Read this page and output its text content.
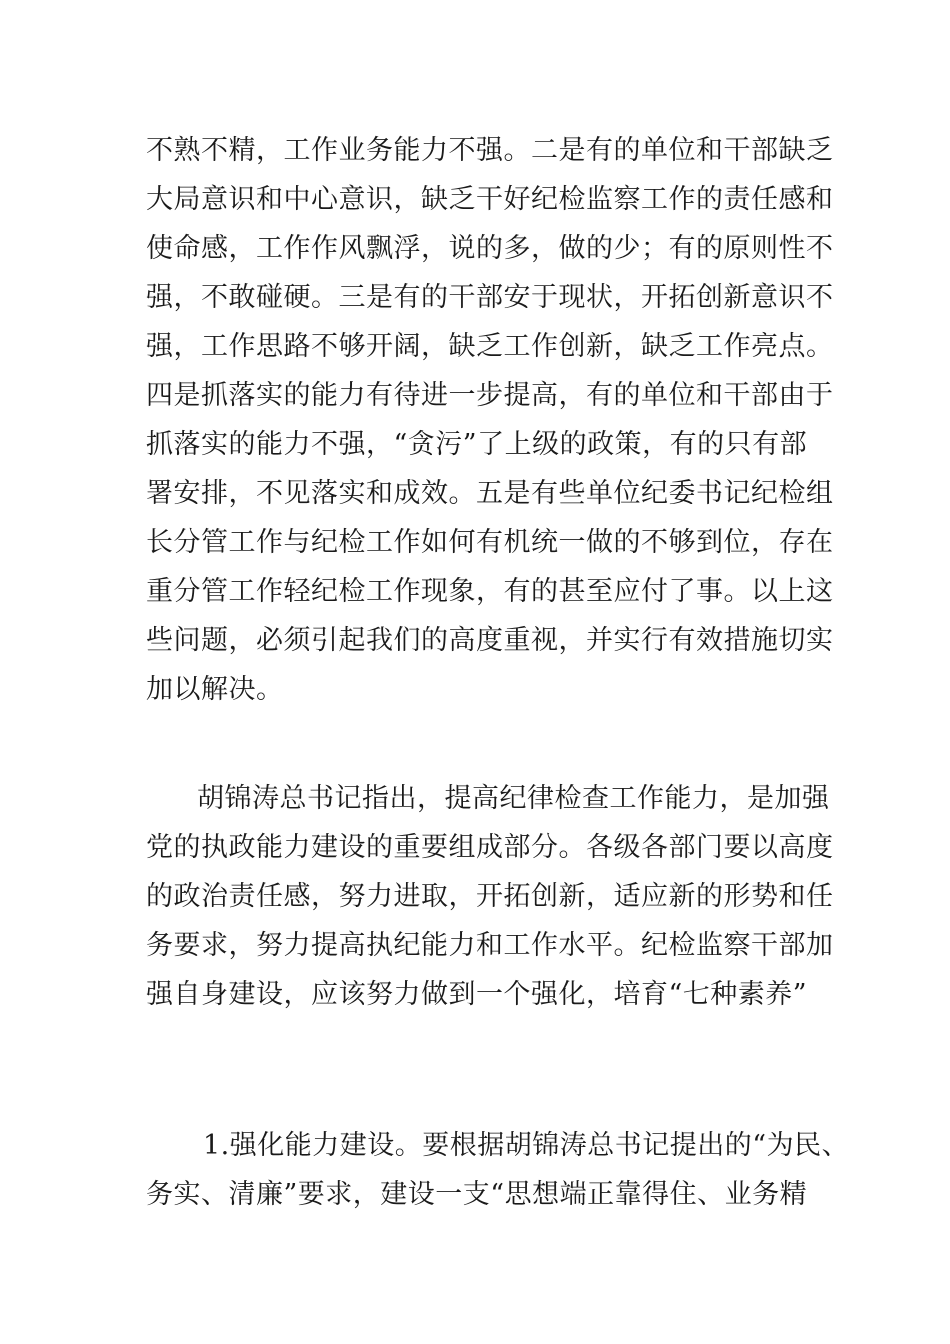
不熟不精，工作业务能力不强。二是有的单位和干部缺乏

大局意识和中心意识，缺乏干好纪检监察工作的责任感和

使命感，工作作风飘浮，说的多，做的少；有的原则性不

强，不敢碰硬。三是有的干部安于现状，开拓创新意识不

强，工作思路不够开阔，缺乏工作创新，缺乏工作亮点。

四是抓落实的能力有待进一步提高，有的单位和干部由于

抓落实的能力不强，“贪污”了上级的政策，有的只有部

署安排，不见落实和成效。五是有些单位纪委书记纪检组

长分管工作与纪检工作如何有机统一做的不够到位，存在

重分管工作轻纪检工作现象，有的甚至应付了事。以上这

些问题，必须引起我们的高度重视，并实行有效措施切实

加以解决。

胡锦涛总书记指出，提高纪律检查工作能力，是加强

党的执政能力建设的重要组成部分。各级各部门要以高度

的政治责任感，努力进取，开拓创新，适应新的形势和任

务要求，努力提高执纪能力和工作水平。纪检监察干部加

强自身建设，应该努力做到一个强化，培育“七种素养”

1.强化能力建设。要根据胡锦涛总书记提出的“为民、

务实、清廉”要求，建设一支“思想端正靠得住、业务精
